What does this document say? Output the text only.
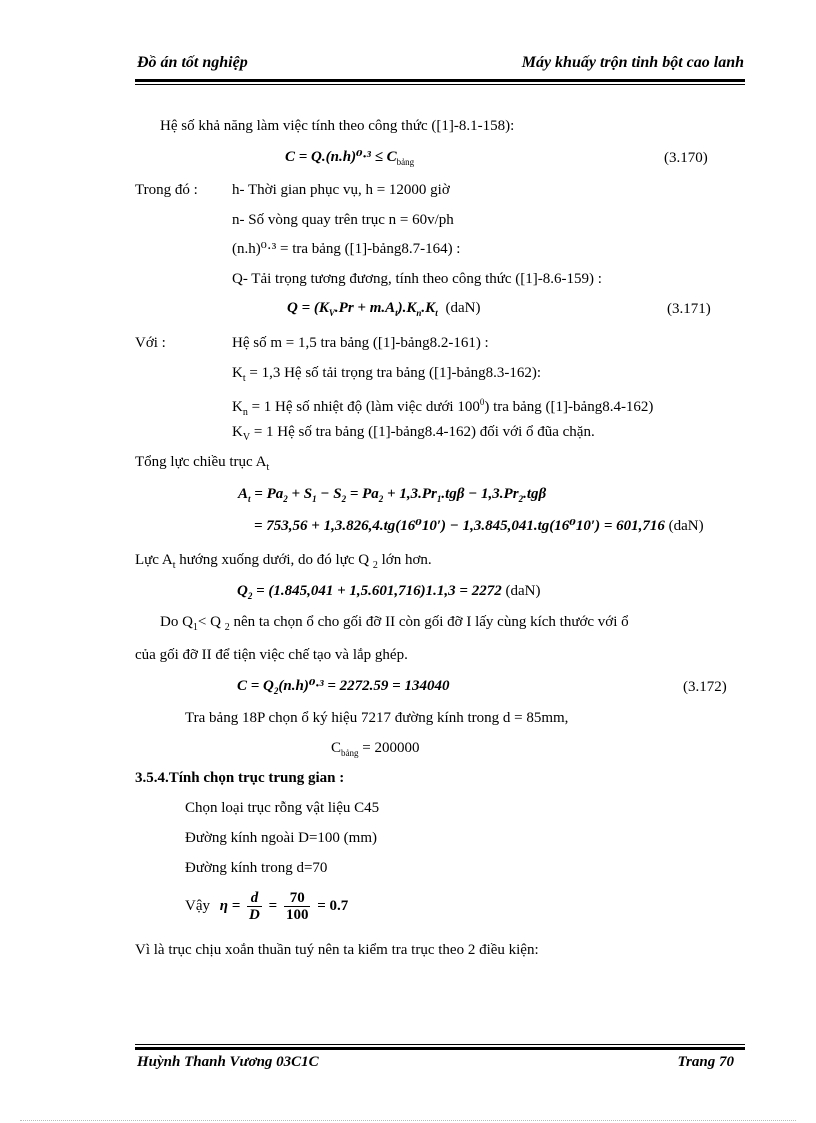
Đồ án tốt nghiệp	Máy khuấy trộn tinh bột cao lanh
Hệ số khả năng làm việc tính theo công thức ([1]-8.1-158):
$C = Q.(n.h)^0\cdot^3 \le C_{bảng}$	(3.170)
Trong đó : h- Thời gian phục vụ, h = 12000 giờ
n- Số vòng quay trên trục n = 60v/ph
(n.h)⁰·³ = tra bảng ([1]-bảng8.7-164) :
Q- Tải trọng tương đương, tính theo công thức ([1]-8.6-159) :
$Q = (K_V.Pr + m.A_t).K_n.K_t$ (daN)	(3.171)
Với :	Hệ số m = 1,5 tra bảng ([1]-bảng8.2-161) :
$K_t = 1,3$ Hệ số tải trọng tra bảng ([1]-bảng8.3-162):
$K_n = 1$ Hệ số nhiệt độ (làm việc dưới $100^0$) tra bảng ([1]-bảng8.4-162)
$K_V = 1$ Hệ số tra bảng ([1]-bảng8.4-162) đối với ổ đũa chặn.
Tổng lực chiều trục $A_t$
$A_t = Pa_2 + S_1 - S_2 = Pa_2 + 1,3.Pr_1.tg\beta - 1,3.Pr_2.tg\beta$
= 753,56 + 1,3.826,4.tg(16⁰10′) − 1,3.845,041.tg(16⁰10′) = 601,716 (daN)
Lực $A_t$ hướng xuống dưới, do đó lực Q $_2$ lớn hơn.
$Q_2 = (1.845,041 + 1,5.601,716)1.1,3 = 2272$ (daN)
Do $Q_1< Q$ $_2$ nên ta chọn ổ cho gối đỡ II còn gối đỡ I lấy cùng kích thước với ổ
của gối đỡ II để tiện việc chế tạo và lắp ghép.
$C = Q_2(n.h)^0\cdot^3 = 2272.59 = 134040$	(3.172)
Tra bảng 18P chọn ổ ký hiệu 7217 đường kính trong d = 85mm,
$C_{bảng} = 200000$
3.5.4.Tính chọn trục trung gian :
Chọn loại trục rỗng vật liệu C45
Đường kính ngoài D=100 (mm)
Đường kính trong d=70
Vậy $\eta = \frac{d}{D} = \frac{70}{100} = 0.7$
Vì là trục chịu xoắn thuần tuý nên ta kiểm tra trục theo 2 điều kiện:
Huỳnh Thanh Vương 03C1C	Trang 70
